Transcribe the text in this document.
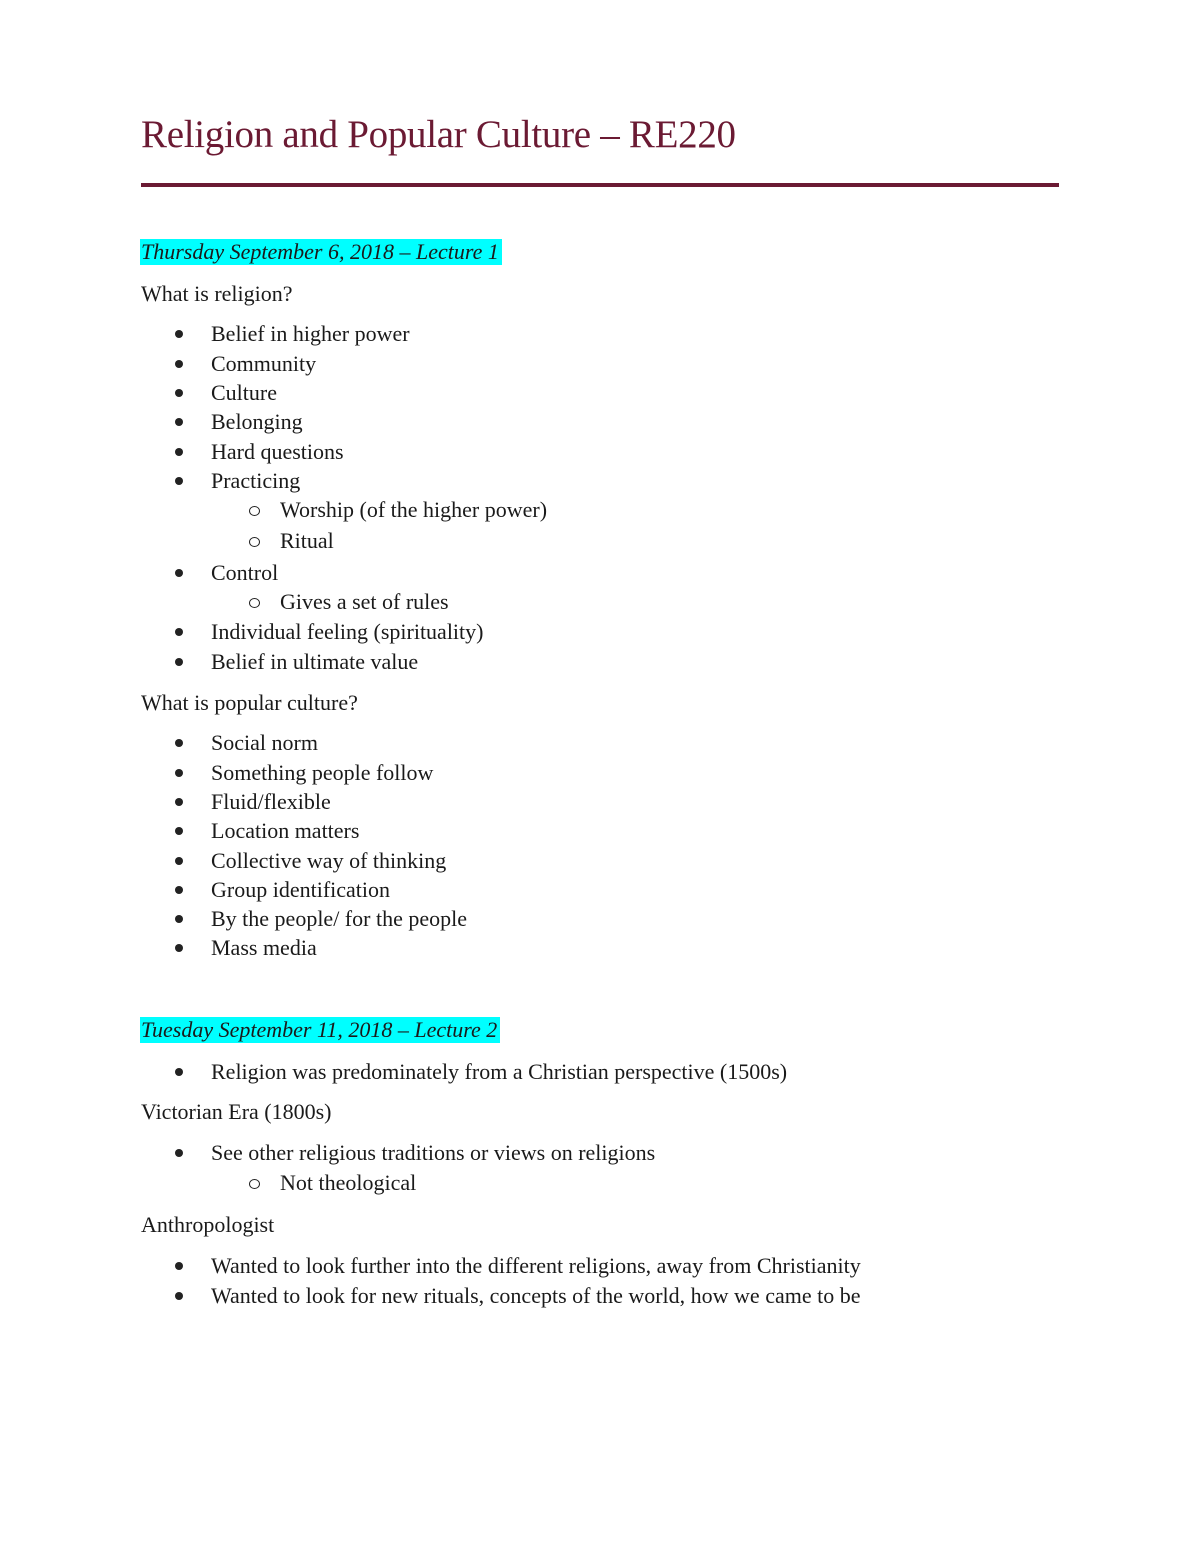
Religion and Popular Culture – RE220
Thursday September 6, 2018 – Lecture 1
What is religion?
Belief in higher power
Community
Culture
Belonging
Hard questions
Practicing
Worship (of the higher power)
Ritual
Control
Gives a set of rules
Individual feeling (spirituality)
Belief in ultimate value
What is popular culture?
Social norm
Something people follow
Fluid/flexible
Location matters
Collective way of thinking
Group identification
By the people/ for the people
Mass media
Tuesday September 11, 2018 – Lecture 2
Religion was predominately from a Christian perspective (1500s)
Victorian Era (1800s)
See other religious traditions or views on religions
Not theological
Anthropologist
Wanted to look further into the different religions, away from Christianity
Wanted to look for new rituals, concepts of the world, how we came to be
